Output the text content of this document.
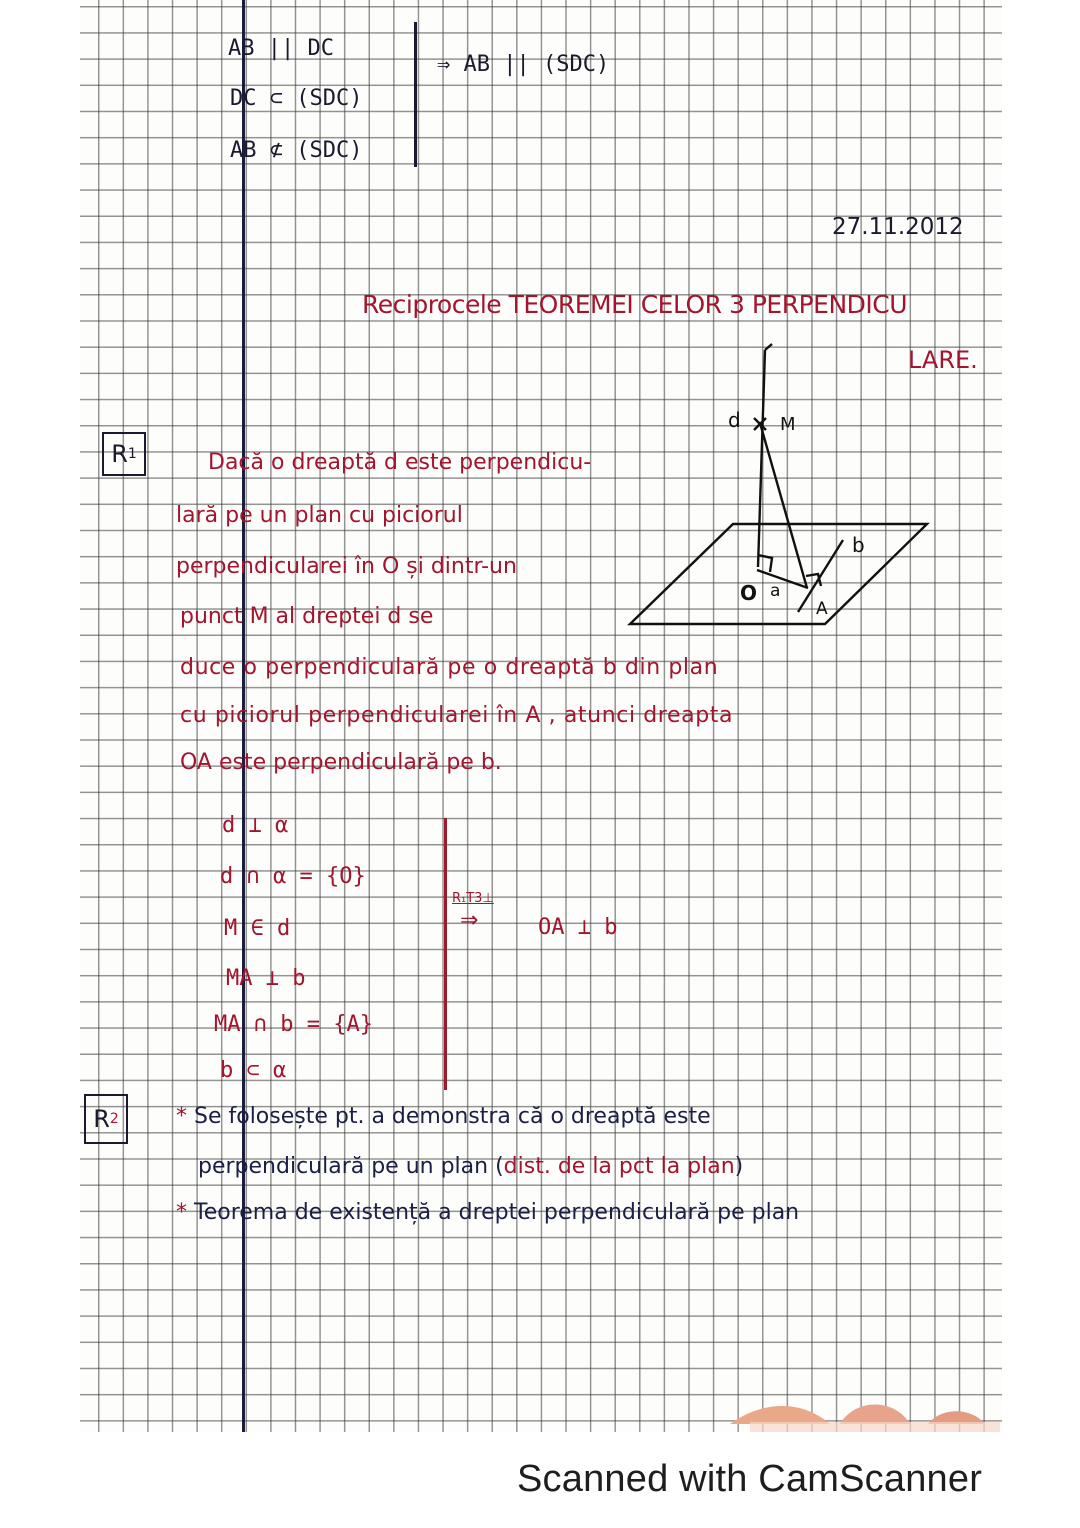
AB || DC
DC ⊂ (SDC)
AB ⊄ (SDC)
⇒ AB || (SDC)
27.11.2012
Reciprocele TEOREMEI CELOR 3 PERPENDICU
LARE.
R 1	Dacă o dreaptă d este perpendicu-
lară pe un plan cu piciorul
perpendicularei în O și dintr-un
punct M al dreptei d se
duce o perpendiculară pe o dreaptă b din plan
cu piciorul perpendicularei în A , atunci dreapta
OA este perpendiculară pe b.
d ⊥ α
d ∩ α = {O}
M ∈ d
MA ⊥ b
MA ∩ b = {A}
b ⊂ α
R₁T3⊥
⇒	OA ⊥ b
R 2	* Se folosește pt. a demonstra că o dreaptă este
perpendiculară pe un plan (dist. de la pct la plan)
* Teorema de existență a dreptei perpendiculară pe plan
d M
O a
A
b
Scanned with CamScanner
